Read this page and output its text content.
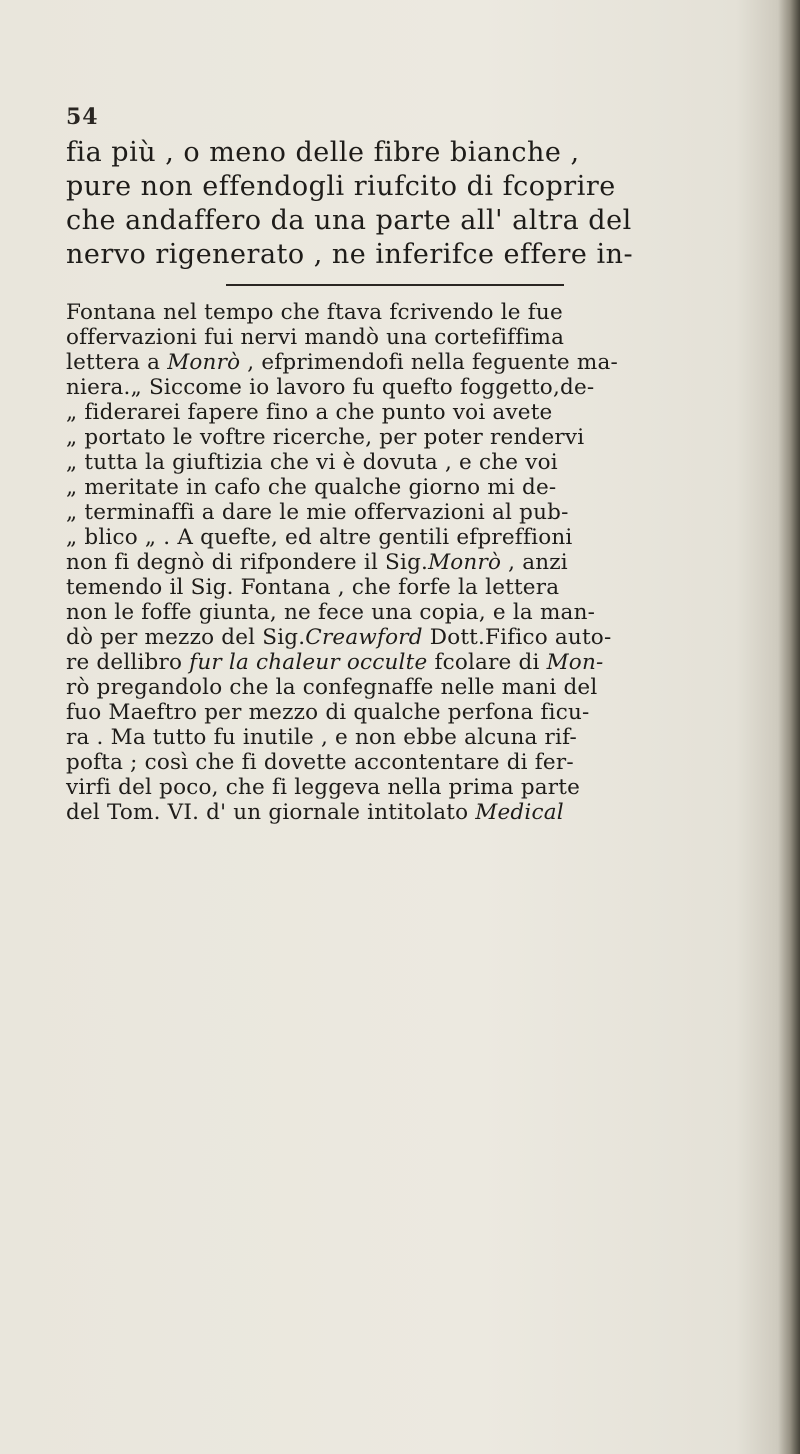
54
fia più , o meno delle fibre bianche ,
pure non effendogli riufcito di fcoprire
che andaffero da una parte all' altra del
nervo rigenerato , ne inferifce effere in-
Fontana nel tempo che ftava fcrivendo le fue
offervazioni fui nervi mandò una cortefiffima
lettera a Monrò , efprimendofi nella feguente ma-
niera.„ Siccome io lavoro fu quefto foggetto,de-
„ fiderarei fapere fino a che punto voi avete
„ portato le voftre ricerche, per poter rendervi
„ tutta la giuftizia che vi è dovuta , e che voi
„ meritate in cafo che qualche giorno mi de-
„ terminaffi a dare le mie offervazioni al pub-
„ blico „ . A quefte, ed altre gentili efpreffioni
non fi degnò di rifpondere il Sig.Monrò , anzi
temendo il Sig. Fontana , che forfe la lettera
non le foffe giunta, ne fece una copia, e la man-
dò per mezzo del Sig.Creawford Dott.Fifico auto-
re dellibro fur la chaleur occulte fcolare di Mon-
rò pregandolo che la confegnaffe nelle mani del
fuo Maeftro per mezzo di qualche perfona ficu-
ra . Ma tutto fu inutile , e non ebbe alcuna rif-
pofta ; così che fi dovette accontentare di fer-
virfi del poco, che fi leggeva nella prima parte
del Tom. VI. d' un giornale intitolato Medical
